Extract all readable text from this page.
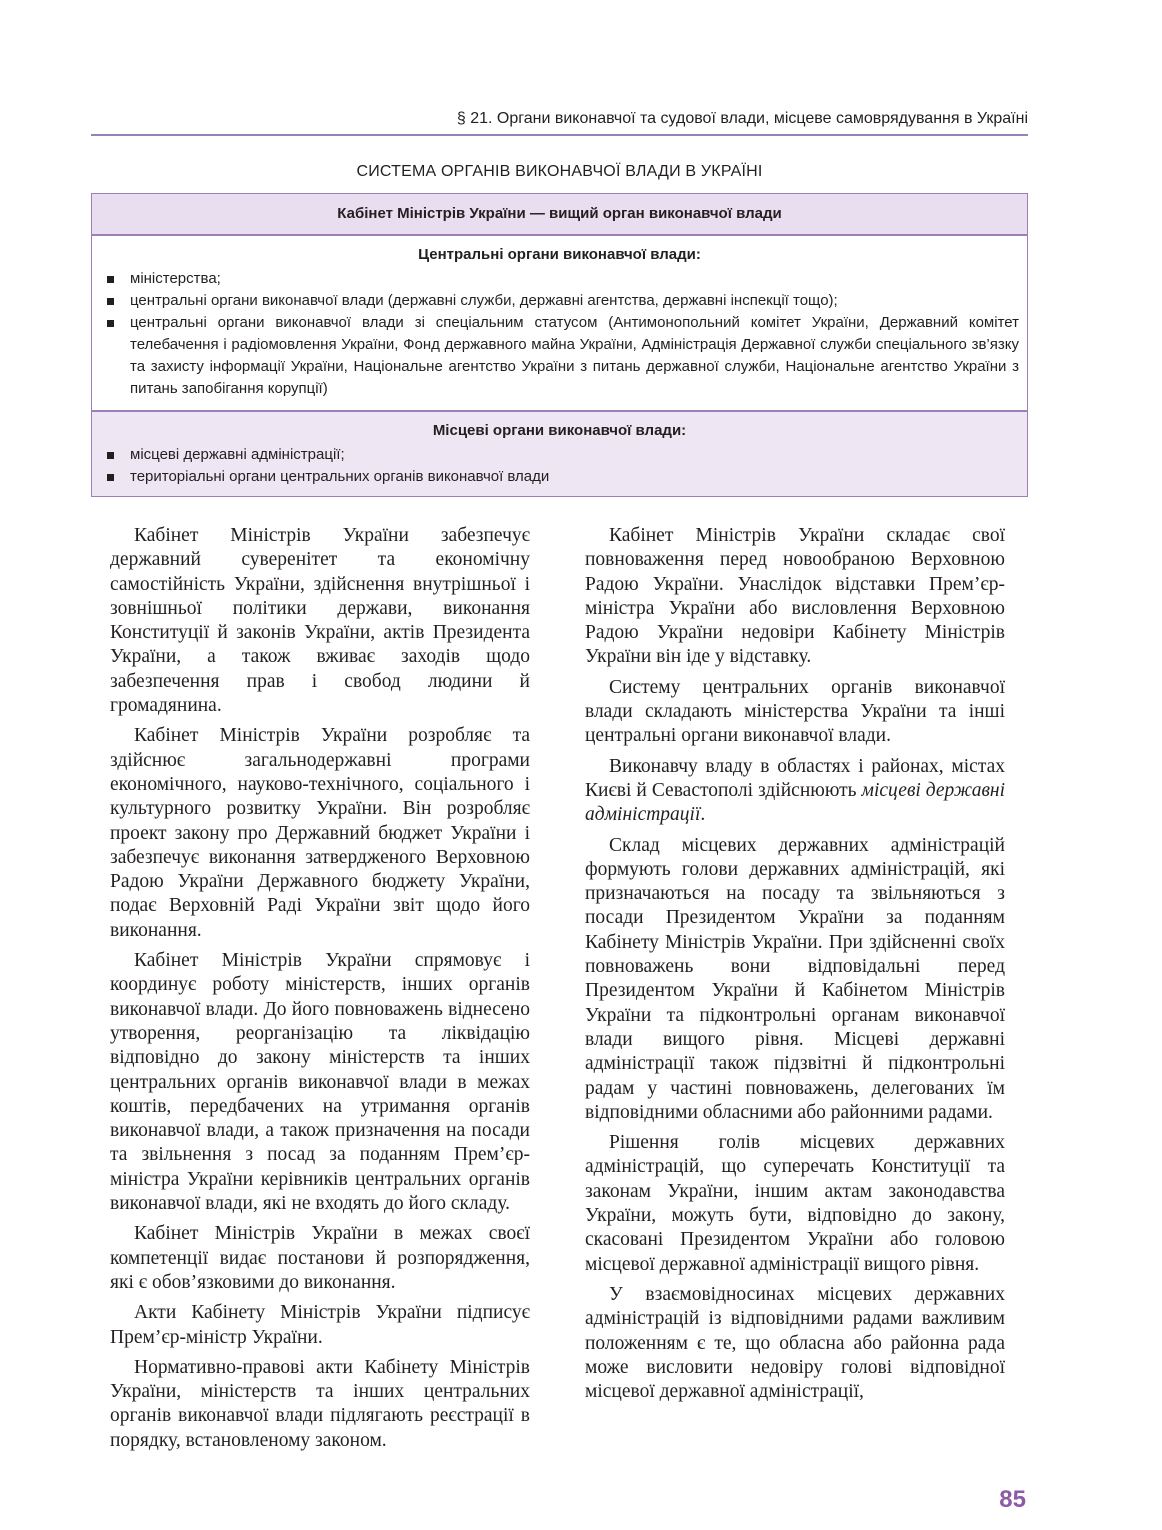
§ 21. Органи виконавчої та судової влади, місцеве самоврядування в Україні
СИСТЕМА ОРГАНІВ ВИКОНАВЧОЇ ВЛАДИ В УКРАЇНІ
Кабінет Міністрів України — вищий орган виконавчої влади
Центральні органи виконавчої влади:
міністерства;
центральні органи виконавчої влади (державні служби, державні агентства, державні інспекції тощо);
центральні органи виконавчої влади зі спеціальним статусом (Антимонопольний комітет України, Державний комітет телебачення і радіомовлення України, Фонд державного майна України, Адміністрація Державної служби спеціального зв’язку та захисту інформації України, Національне агентство України з питань державної служби, Національне агентство України з питань запобігання корупції)
Місцеві органи виконавчої влади:
місцеві державні адміністрації;
територіальні органи центральних органів виконавчої влади

Кабінет Міністрів України забезпечує державний суверенітет та економічну самостійність України, здійснення внутрішньої і зовнішньої політики держави, виконання Конституції й законів України, актів Президента України, а також вживає заходів щодо забезпечення прав і свобод людини й громадянина.

Кабінет Міністрів України розробляє та здійснює загальнодержавні програми економічного, науково-технічного, соціального і культурного розвитку України. Він розробляє проект закону про Державний бюджет України і забезпечує виконання затвердженого Верховною Радою України Державного бюджету України, подає Верховній Раді України звіт щодо його виконання.

Кабінет Міністрів України спрямовує і координує роботу міністерств, інших органів виконавчої влади. До його повноважень віднесено утворення, реорганізацію та ліквідацію відповідно до закону міністерств та інших центральних органів виконавчої влади в межах коштів, передбачених на утримання органів виконавчої влади, а також призначення на посади та звільнення з посад за поданням Прем’єр-міністра України керівників центральних органів виконавчої влади, які не входять до його складу.

Кабінет Міністрів України в межах своєї компетенції видає постанови й розпорядження, які є обов’язковими до виконання.

Акти Кабінету Міністрів України підписує Прем’єр-міністр України.

Нормативно-правові акти Кабінету Міністрів України, міністерств та інших центральних органів виконавчої влади підлягають реєстрації в порядку, встановленому законом.

Кабінет Міністрів України складає свої повноваження перед новообраною Верховною Радою України. Унаслідок відставки Прем’єр-міністра України або висловлення Верховною Радою України недовіри Кабінету Міністрів України він іде у відставку.

Систему центральних органів виконавчої влади складають міністерства України та інші центральні органи виконавчої влади.

Виконавчу владу в областях і районах, містах Києві й Севастополі здійснюють місцеві державні адміністрації.

Склад місцевих державних адміністрацій формують голови державних адміністрацій, які призначаються на посаду та звільняються з посади Президентом України за поданням Кабінету Міністрів України. При здійсненні своїх повноважень вони відповідальні перед Президентом України й Кабінетом Міністрів України та підконтрольні органам виконавчої влади вищого рівня. Місцеві державні адміністрації також підзвітні й підконтрольні радам у частині повноважень, делегованих їм відповідними обласними або районними радами.

Рішення голів місцевих державних адміністрацій, що суперечать Конституції та законам України, іншим актам законодавства України, можуть бути, відповідно до закону, скасовані Президентом України або головою місцевої державної адміністрації вищого рівня.

У взаємовідносинах місцевих державних адміністрацій із відповідними радами важливим положенням є те, що обласна або районна рада може висловити недовіру голові відповідної місцевої державної адміністрації,

85
